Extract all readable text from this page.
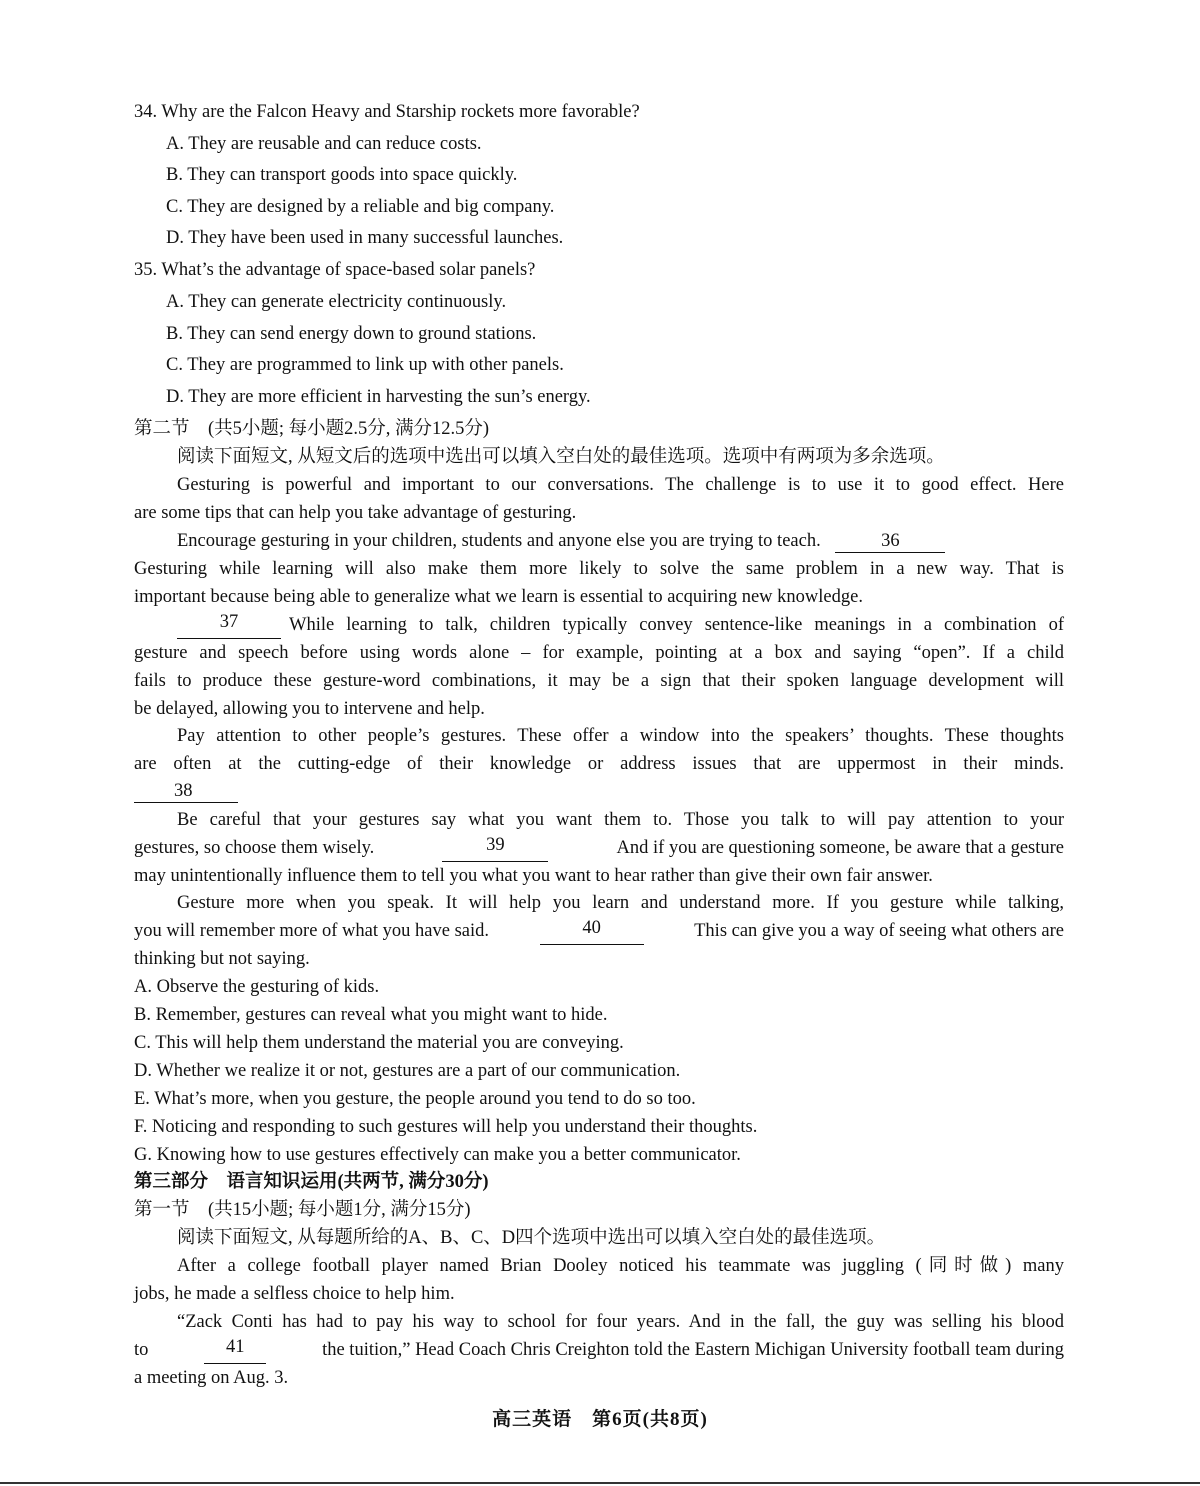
34. Why are the Falcon Heavy and Starship rockets more favorable?
A. They are reusable and can reduce costs.
B. They can transport goods into space quickly.
C. They are designed by a reliable and big company.
D. They have been used in many successful launches.
35. What’s the advantage of space-based solar panels?
A. They can generate electricity continuously.
B. They can send energy down to ground stations.
C. They are programmed to link up with other panels.
D. They are more efficient in harvesting the sun’s energy.
第二节　(共5小题; 每小题2.5分, 满分12.5分)
阅读下面短文, 从短文后的选项中选出可以填入空白处的最佳选项。选项中有两项为多余选项。
Gesturing is powerful and important to our conversations. The challenge is to use it to good effect. Here
are some tips that can help you take advantage of gesturing.
Encourage gesturing in your children, students and anyone else you are trying to teach.	36
Gesturing while learning will also make them more likely to solve the same problem in a new way. That is
important because being able to generalize what we learn is essential to acquiring new knowledge.
37	While learning to talk, children typically convey sentence-like meanings in a combination of
gesture and speech before using words alone – for example, pointing at a box and saying “open”. If a child
fails to produce these gesture-word combinations, it may be a sign that their spoken language development will
be delayed, allowing you to intervene and help.
Pay attention to other people’s gestures. These offer a window into the speakers’ thoughts. These thoughts
are often at the cutting-edge of their knowledge or address issues that are uppermost in their minds.
38
Be careful that your gestures say what you want them to. Those you talk to will pay attention to your
gestures, so choose them wisely.	39	And if you are questioning someone, be aware that a gesture
may unintentionally influence them to tell you what you want to hear rather than give their own fair answer.
Gesture more when you speak. It will help you learn and understand more. If you gesture while talking,
you will remember more of what you have said.	40	This can give you a way of seeing what others are
thinking but not saying.
A. Observe the gesturing of kids.
B. Remember, gestures can reveal what you might want to hide.
C. This will help them understand the material you are conveying.
D. Whether we realize it or not, gestures are a part of our communication.
E. What’s more, when you gesture, the people around you tend to do so too.
F. Noticing and responding to such gestures will help you understand their thoughts.
G. Knowing how to use gestures effectively can make you a better communicator.
第三部分　语言知识运用(共两节, 满分30分)
第一节　(共15小题; 每小题1分, 满分15分)
阅读下面短文, 从每题所给的A、B、C、D四个选项中选出可以填入空白处的最佳选项。
After a college football player named Brian Dooley noticed his teammate was juggling (同时做) many
jobs, he made a selfless choice to help him.
“Zack Conti has had to pay his way to school for four years. And in the fall, the guy was selling his blood
to	41	the tuition,” Head Coach Chris Creighton told the Eastern Michigan University football team during
a meeting on Aug. 3.
高三英语　第6页(共8页)
